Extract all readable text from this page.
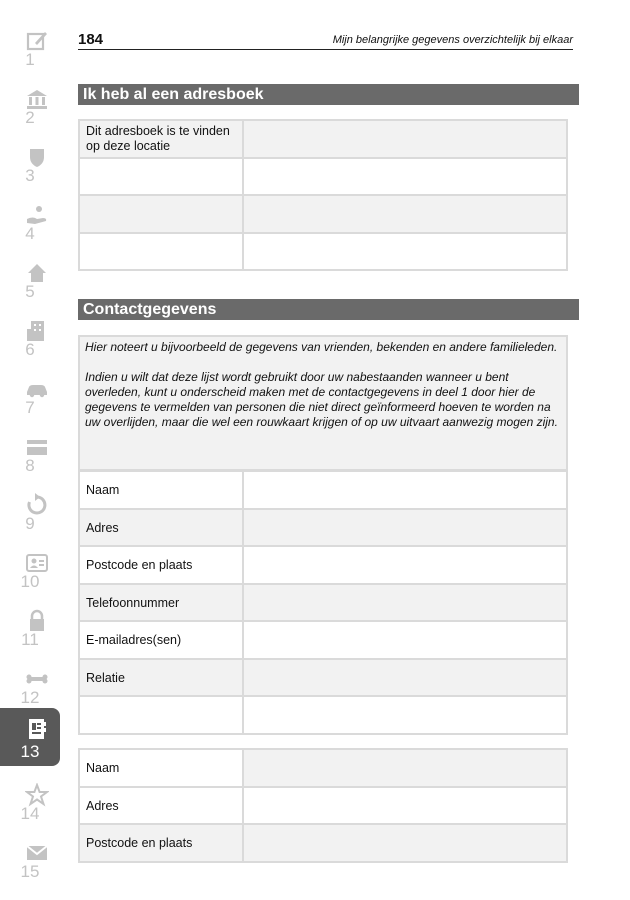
1
2
3
4
5
6
7
8
9
10
11
12
13
14
15
184	Mijn belangrijke gegevens overzichtelijk bij elkaar
Ik heb al een adresboek
Dit adresboek is te vinden op deze locatie	

Contactgegevens

Hier noteert u bijvoorbeeld de gegevens van vrienden, bekenden en andere familieleden.

Indien u wilt dat deze lijst wordt gebruikt door uw nabestaanden wanneer u bent overleden, kunt u onderscheid maken met de contactgegevens in deel 1 door hier de gegevens te vermelden van personen die niet direct geïnformeerd hoeven te worden na uw overlijden, maar die wel een rouwkaart krijgen of op uw uitvaart aanwezig mogen zijn.

Naam	
Adres	
Postcode en plaats	
Telefoonnummer	
E-mailadres(sen)	
Relatie	

Naam	
Adres	
Postcode en plaats	
